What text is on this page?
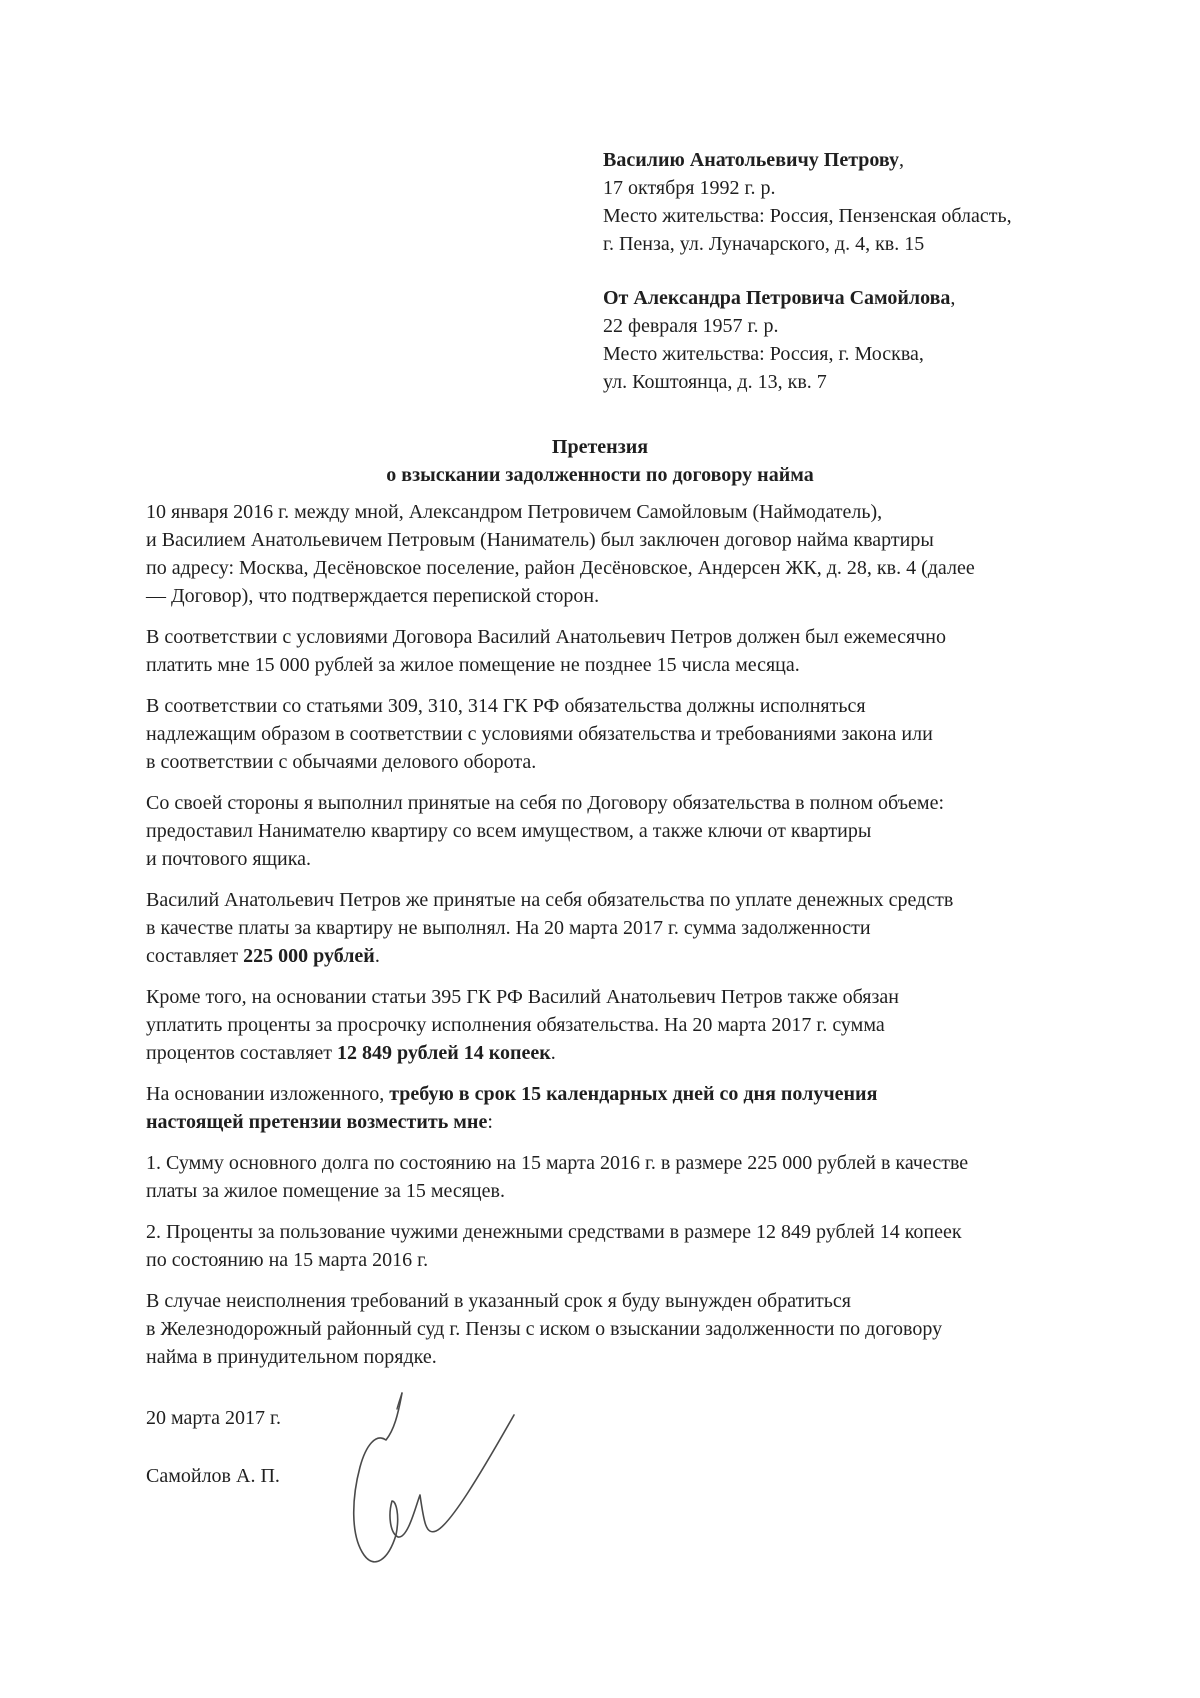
Василию Анатольевичу Петрову,
17 октября 1992 г. р.
Место жительства: Россия, Пензенская область,
г. Пенза, ул. Луначарского, д. 4, кв. 15
От Александра Петровича Самойлова,
22 февраля 1957 г. р.
Место жительства: Россия, г. Москва,
ул. Коштоянца, д. 13, кв. 7
Претензия
о взыскании задолженности по договору найма

10 января 2016 г. между мной, Александром Петровичем Самойловым (Наймодатель),
и Василием Анатольевичем Петровым (Наниматель) был заключен договор найма квартиры
по адресу: Москва, Десёновское поселение, район Десёновское, Андерсен ЖК, д. 28, кв. 4 (далее
— Договор), что подтверждается перепиской сторон.

В соответствии с условиями Договора Василий Анатольевич Петров должен был ежемесячно
платить мне 15 000 рублей за жилое помещение не позднее 15 числа месяца.

В соответствии со статьями 309, 310, 314 ГК РФ обязательства должны исполняться
надлежащим образом в соответствии с условиями обязательства и требованиями закона или
в соответствии с обычаями делового оборота.

Со своей стороны я выполнил принятые на себя по Договору обязательства в полном объеме:
предоставил Нанимателю квартиру со всем имуществом, а также ключи от квартиры
и почтового ящика.

Василий Анатольевич Петров же принятые на себя обязательства по уплате денежных средств
в качестве платы за квартиру не выполнял. На 20 марта 2017 г. сумма задолженности
составляет 225 000 рублей.

Кроме того, на основании статьи 395 ГК РФ Василий Анатольевич Петров также обязан
уплатить проценты за просрочку исполнения обязательства. На 20 марта 2017 г. сумма
процентов составляет 12 849 рублей 14 копеек.

На основании изложенного, требую в срок 15 календарных дней со дня получения
настоящей претензии возместить мне:

1. Сумму основного долга по состоянию на 15 марта 2016 г. в размере 225 000 рублей в качестве
платы за жилое помещение за 15 месяцев.

2. Проценты за пользование чужими денежными средствами в размере 12 849 рублей 14 копеек
по состоянию на 15 марта 2016 г.

В случае неисполнения требований в указанный срок я буду вынужден обратиться
в Железнодорожный районный суд г. Пензы с иском о взыскании задолженности по договору
найма в принудительном порядке.

20 марта 2017 г.
Самойлов А. П.
